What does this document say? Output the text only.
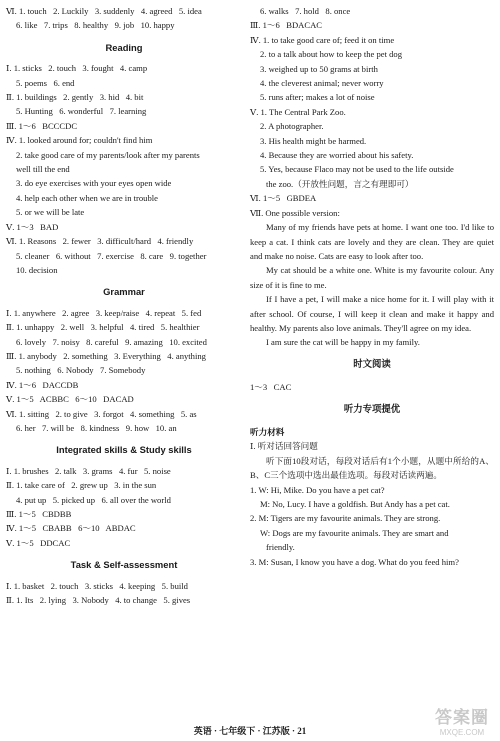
Ⅵ. 1. touch   2. Luckily   3. suddenly   4. agreed   5. idea
6. like   7. trips   8. healthy   9. job   10. happy
Reading
Ⅰ. 1. sticks   2. touch   3. fought   4. camp
5. poems   6. end
Ⅱ. 1. buildings   2. gently   3. hid   4. bit
5. Hunting   6. wonderful   7. learning
Ⅲ. 1～6   BCCCDC
Ⅳ. 1. looked around for; couldn't find him
2. take good care of my parents/look after my parents
well till the end
3. do eye exercises with your eyes open wide
4. help each other when we are in trouble
5. or we will be late
Ⅴ. 1～3   BAD
Ⅵ. 1. Reasons   2. fewer   3. difficult/hard   4. friendly
5. cleaner   6. without   7. exercise   8. care   9. together
10. decision
Grammar
Ⅰ. 1. anywhere   2. agree   3. keep/raise   4. repeat   5. fed
Ⅱ. 1. unhappy   2. well   3. helpful   4. tired   5. healthier
6. lovely   7. noisy   8. careful   9. amazing   10. excited
Ⅲ. 1. anybody   2. something   3. Everything   4. anything
5. nothing   6. Nobody   7. Somebody
Ⅳ. 1～6   DACCDB
Ⅴ. 1～5   ACBBC   6～10   DACAD
Ⅵ. 1. sitting   2. to give   3. forgot   4. something   5. as
6. her   7. will be   8. kindness   9. how   10. an
Integrated skills & Study skills
Ⅰ. 1. brushes   2. talk   3. grams   4. fur   5. noise
Ⅱ. 1. take care of   2. grew up   3. in the sun
4. put up   5. picked up   6. all over the world
Ⅲ. 1～5   CBDBB
Ⅳ. 1～5   CBABB   6～10   ABDAC
Ⅴ. 1～5   DDCAC
Task & Self-assessment
Ⅰ. 1. basket   2. touch   3. sticks   4. keeping   5. build
Ⅱ. 1. Its   2. lying   3. Nobody   4. to change   5. gives
6. walks   7. hold   8. once
Ⅲ. 1～6   BDACAC
Ⅳ. 1. to take good care of; feed it on time
2. to a talk about how to keep the pet dog
3. weighed up to 50 grams at birth
4. the cleverest animal; never worry
5. runs after; makes a lot of noise
Ⅴ. 1. The Central Park Zoo.
2. A photographer.
3. His health might be harmed.
4. Because they are worried about his safety.
5. Yes, because Flaco may not be used to the life outside
the zoo.（开放性问题，言之有理即可）
Ⅵ. 1～5   GBDEA
Ⅶ. One possible version:
Many of my friends have pets at home. I want one too. I'd like to keep a cat. I think cats are lovely and they are clean. They are quiet and make no noise. Cats are easy to look after too.
My cat should be a white one. White is my favourite colour. Any size of it is fine to me.
If I have a pet, I will make a nice home for it. I will play with it after school. Of course, I will keep it clean and make it happy and healthy. My parents also love animals. They'll agree on my idea.
I am sure the cat will be happy in my family.
时文阅读
1～3   CAC
听力专项提优
听力材料
Ⅰ. 听对话回答问题
听下面10段对话，每段对话后有1个小题，从题中所给的A、B、C三个选项中选出最佳选项。每段对话读两遍。
1. W: Hi, Mike. Do you have a pet cat?
M: No, Lucy. I have a goldfish. But Andy has a pet cat.
2. M: Tigers are my favourite animals. They are strong.
W: Dogs are my favourite animals. They are smart and
friendly.
3. M: Susan, I know you have a dog. What do you feed him?
英语 · 七年级下 · 江苏版 · 21
答案圈
MXQE.COM
